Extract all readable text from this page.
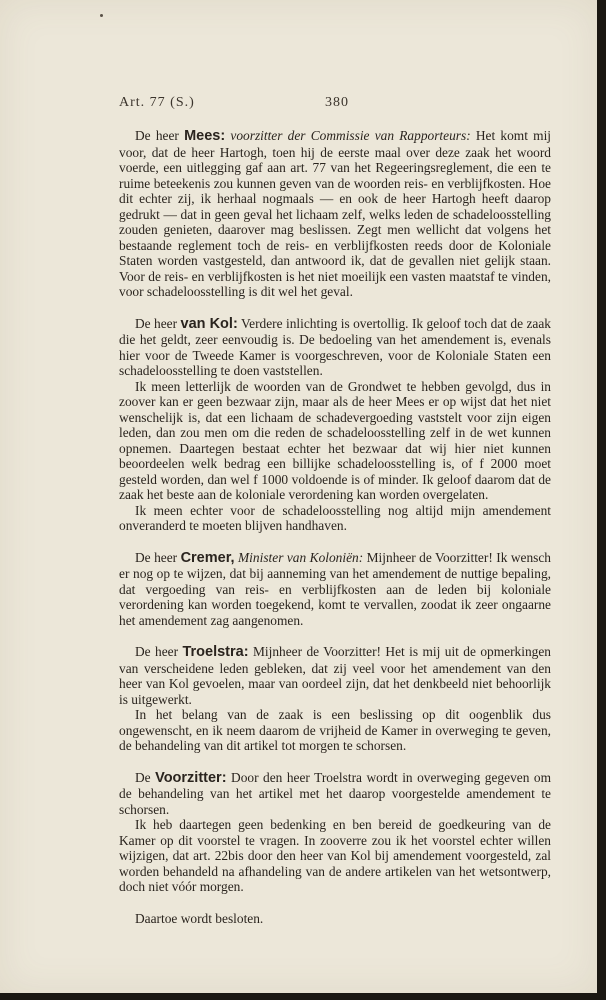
Art. 77 (S.)	380

De heer Mees: voorzitter der Commissie van Rapporteurs: Het komt mij voor, dat de heer Hartogh, toen hij de eerste maal over deze zaak het woord voerde, een uitlegging gaf aan art. 77 van het Regeeringsreglement, die een te ruime beteekenis zou kunnen geven van de woorden reis- en verblijfkosten. Hoe dit echter zij, ik herhaal nogmaals — en ook de heer Hartogh heeft daarop gedrukt — dat in geen geval het lichaam zelf, welks leden de schadeloosstelling zouden genieten, daarover mag beslissen. Zegt men wellicht dat volgens het bestaande reglement toch de reis- en verblijfkosten reeds door de Koloniale Staten worden vastgesteld, dan antwoord ik, dat de gevallen niet gelijk staan. Voor de reis- en verblijfkosten is het niet moeilijk een vasten maatstaf te vinden, voor schadeloosstelling is dit wel het geval.

De heer van Kol: Verdere inlichting is overtollig. Ik geloof toch dat de zaak die het geldt, zeer eenvoudig is. De bedoeling van het amendement is, evenals hier voor de Tweede Kamer is voorgeschreven, voor de Koloniale Staten een schadeloosstelling te doen vaststellen.

Ik meen letterlijk de woorden van de Grondwet te hebben gevolgd, dus in zoover kan er geen bezwaar zijn, maar als de heer Mees er op wijst dat het niet wenschelijk is, dat een lichaam de schadevergoeding vaststelt voor zijn eigen leden, dan zou men om die reden de schadeloosstelling zelf in de wet kunnen opnemen. Daartegen bestaat echter het bezwaar dat wij hier niet kunnen beoordeelen welk bedrag een billijke schadeloosstelling is, of f 2000 moet gesteld worden, dan wel f 1000 voldoende is of minder. Ik geloof daarom dat de zaak het beste aan de koloniale verordening kan worden overgelaten.

Ik meen echter voor de schadeloosstelling nog altijd mijn amendement onveranderd te moeten blijven handhaven.

De heer Cremer, Minister van Koloniën: Mijnheer de Voorzitter! Ik wensch er nog op te wijzen, dat bij aanneming van het amendement de nuttige bepaling, dat vergoeding van reis- en verblijfkosten aan de leden bij koloniale verordening kan worden toegekend, komt te vervallen, zoodat ik zeer ongaarne het amendement zag aangenomen.

De heer Troelstra: Mijnheer de Voorzitter! Het is mij uit de opmerkingen van verscheidene leden gebleken, dat zij veel voor het amendement van den heer van Kol gevoelen, maar van oordeel zijn, dat het denkbeeld niet behoorlijk is uitgewerkt.

In het belang van de zaak is een beslissing op dit oogenblik dus ongewenscht, en ik neem daarom de vrijheid de Kamer in overweging te geven, de behandeling van dit artikel tot morgen te schorsen.

De Voorzitter: Door den heer Troelstra wordt in overweging gegeven om de behandeling van het artikel met het daarop voorgestelde amendement te schorsen.

Ik heb daartegen geen bedenking en ben bereid de goedkeuring van de Kamer op dit voorstel te vragen. In zooverre zou ik het voorstel echter willen wijzigen, dat art. 22bis door den heer van Kol bij amendement voorgesteld, zal worden behandeld na afhandeling van de andere artikelen van het wetsontwerp, doch niet vóór morgen.

Daartoe wordt besloten.
